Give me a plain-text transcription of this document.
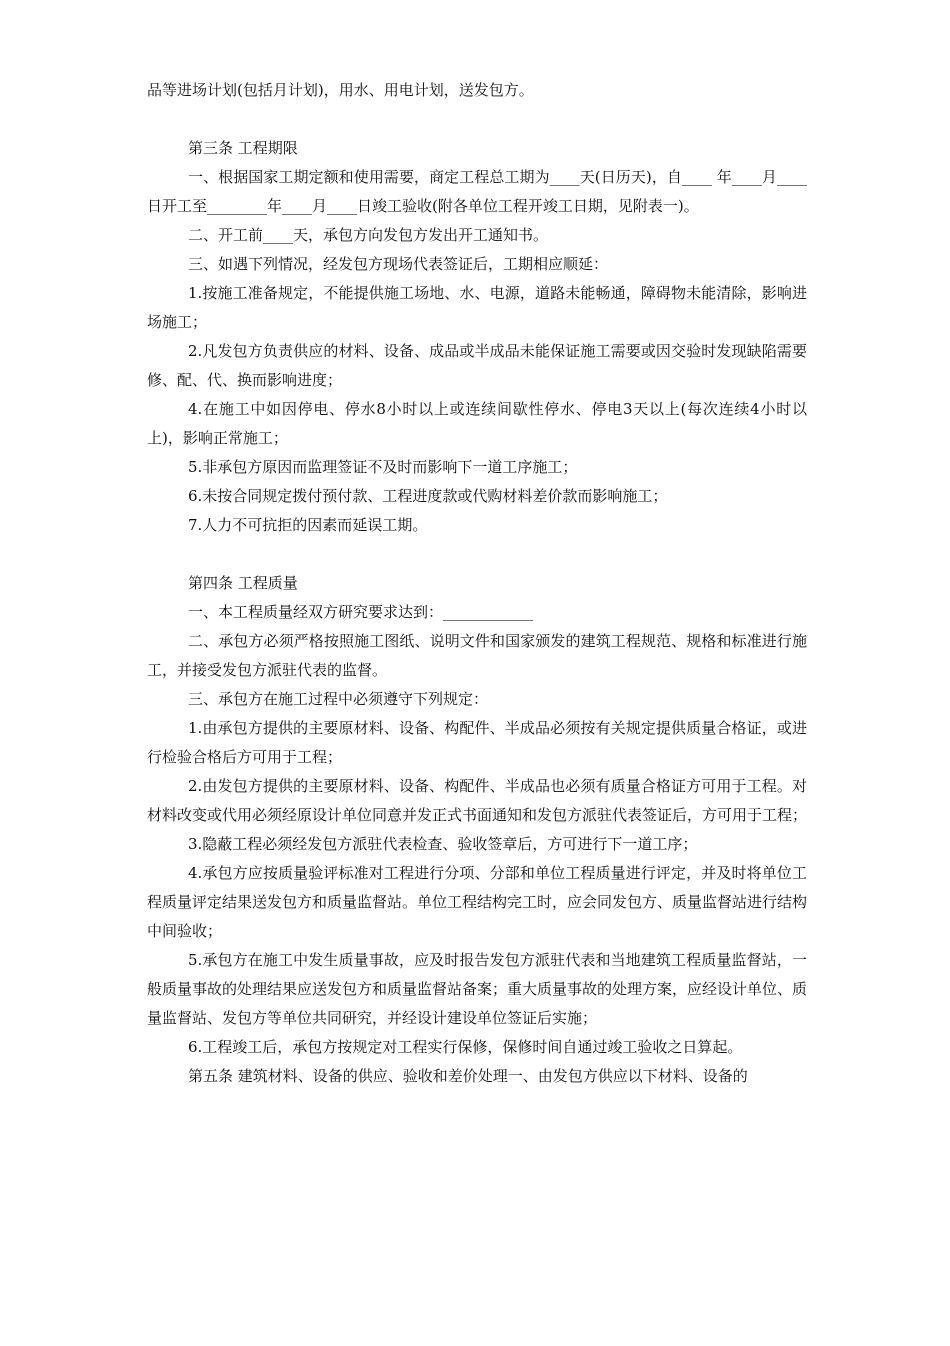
品等进场计划(包括月计划)，用水、用电计划，送发包方。

第三条 工程期限

一、根据国家工期定额和使用需要，商定工程总工期为____天(日历天)，自____ 年____月____日开工至________年____月____日竣工验收(附各单位工程开竣工日期，见附表一)。

二、开工前____天，承包方向发包方发出开工通知书。

三、如遇下列情况，经发包方现场代表签证后，工期相应顺延：

1.按施工准备规定，不能提供施工场地、水、电源，道路未能畅通，障碍物未能清除，影响进场施工；

2.凡发包方负责供应的材料、设备、成品或半成品未能保证施工需要或因交验时发现缺陷需要修、配、代、换而影响进度；

4.在施工中如因停电、停水8小时以上或连续间歇性停水、停电3天以上(每次连续4小时以上)，影响正常施工；

5.非承包方原因而监理签证不及时而影响下一道工序施工；

6.未按合同规定拨付预付款、工程进度款或代购材料差价款而影响施工；

7.人力不可抗拒的因素而延误工期。

第四条 工程质量

一、本工程质量经双方研究要求达到：____________

二、承包方必须严格按照施工图纸、说明文件和国家颁发的建筑工程规范、规格和标准进行施工，并接受发包方派驻代表的监督。

三、承包方在施工过程中必须遵守下列规定：

1.由承包方提供的主要原材料、设备、构配件、半成品必须按有关规定提供质量合格证，或进行检验合格后方可用于工程；

2.由发包方提供的主要原材料、设备、构配件、半成品也必须有质量合格证方可用于工程。对材料改变或代用必须经原设计单位同意并发正式书面通知和发包方派驻代表签证后，方可用于工程；

3.隐蔽工程必须经发包方派驻代表检查、验收签章后，方可进行下一道工序；

4.承包方应按质量验评标准对工程进行分项、分部和单位工程质量进行评定，并及时将单位工程质量评定结果送发包方和质量监督站。单位工程结构完工时，应会同发包方、质量监督站进行结构中间验收；

5.承包方在施工中发生质量事故，应及时报告发包方派驻代表和当地建筑工程质量监督站，一般质量事故的处理结果应送发包方和质量监督站备案；重大质量事故的处理方案，应经设计单位、质量监督站、发包方等单位共同研究，并经设计建设单位签证后实施；

6.工程竣工后，承包方按规定对工程实行保修，保修时间自通过竣工验收之日算起。

第五条 建筑材料、设备的供应、验收和差价处理一、由发包方供应以下材料、设备的
